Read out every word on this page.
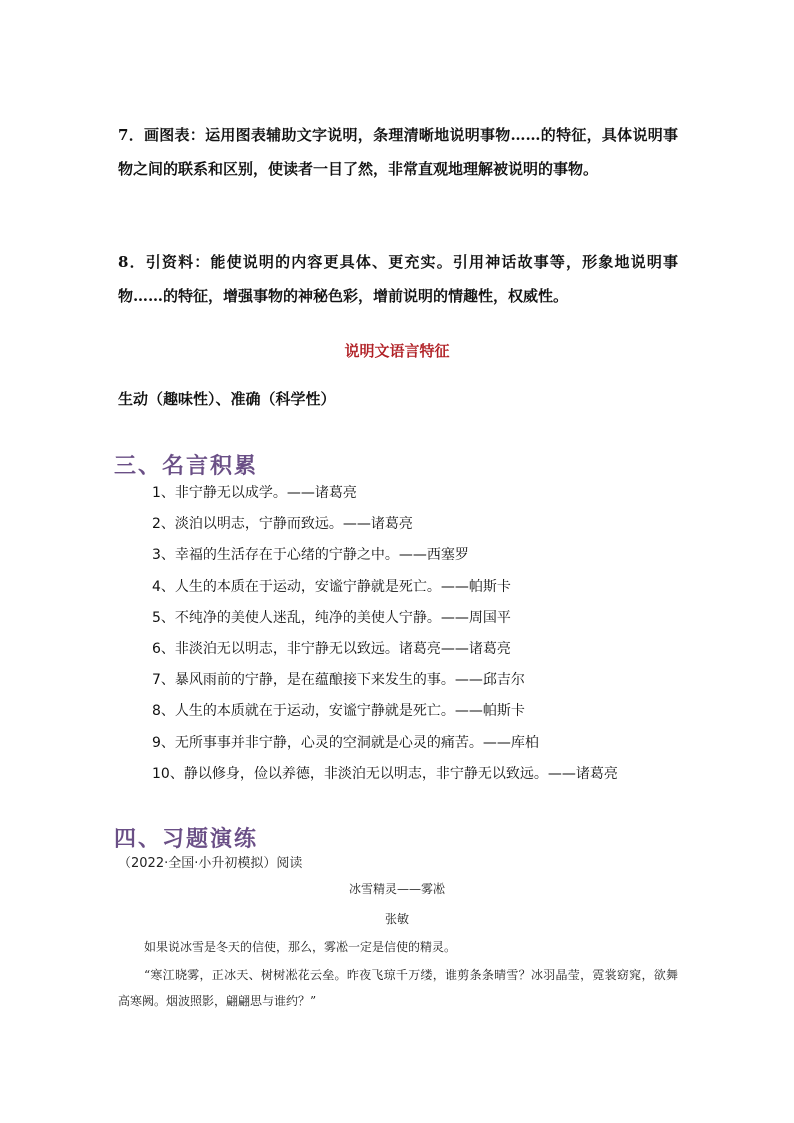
7．画图表：运用图表辅助文字说明，条理清晰地说明事物……的特征，具体说明事物之间的联系和区别，使读者一目了然，非常直观地理解被说明的事物。

8．引资料：能使说明的内容更具体、更充实。引用神话故事等，形象地说明事物……的特征，增强事物的神秘色彩，增前说明的情趣性，权威性。

说明文语言特征

生动（趣味性）、准确（科学性）

三、名言积累
1、非宁静无以成学。——诸葛亮
2、淡泊以明志，宁静而致远。——诸葛亮
3、幸福的生活存在于心绪的宁静之中。——西塞罗
4、人生的本质在于运动，安谧宁静就是死亡。——帕斯卡
5、不纯净的美使人迷乱，纯净的美使人宁静。——周国平
6、非淡泊无以明志，非宁静无以致远。诸葛亮——诸葛亮
7、暴风雨前的宁静，是在蕴酿接下来发生的事。——邱吉尔
8、人生的本质就在于运动，安谧宁静就是死亡。——帕斯卡
9、无所事事并非宁静，心灵的空洞就是心灵的痛苦。——库柏
10、静以修身，俭以养德，非淡泊无以明志，非宁静无以致远。——诸葛亮
四、习题演练

（2022·全国·小升初模拟）阅读

冰雪精灵——雾凇

张敏

如果说冰雪是冬天的信使，那么，雾凇一定是信使的精灵。

“寒江晓雾，正冰天、树树凇花云垒。昨夜飞琼千万缕，谁剪条条晴雪？冰羽晶莹，霓裳窈窕，欲舞高寒阙。烟波照影，翩翩思与谁约？”
